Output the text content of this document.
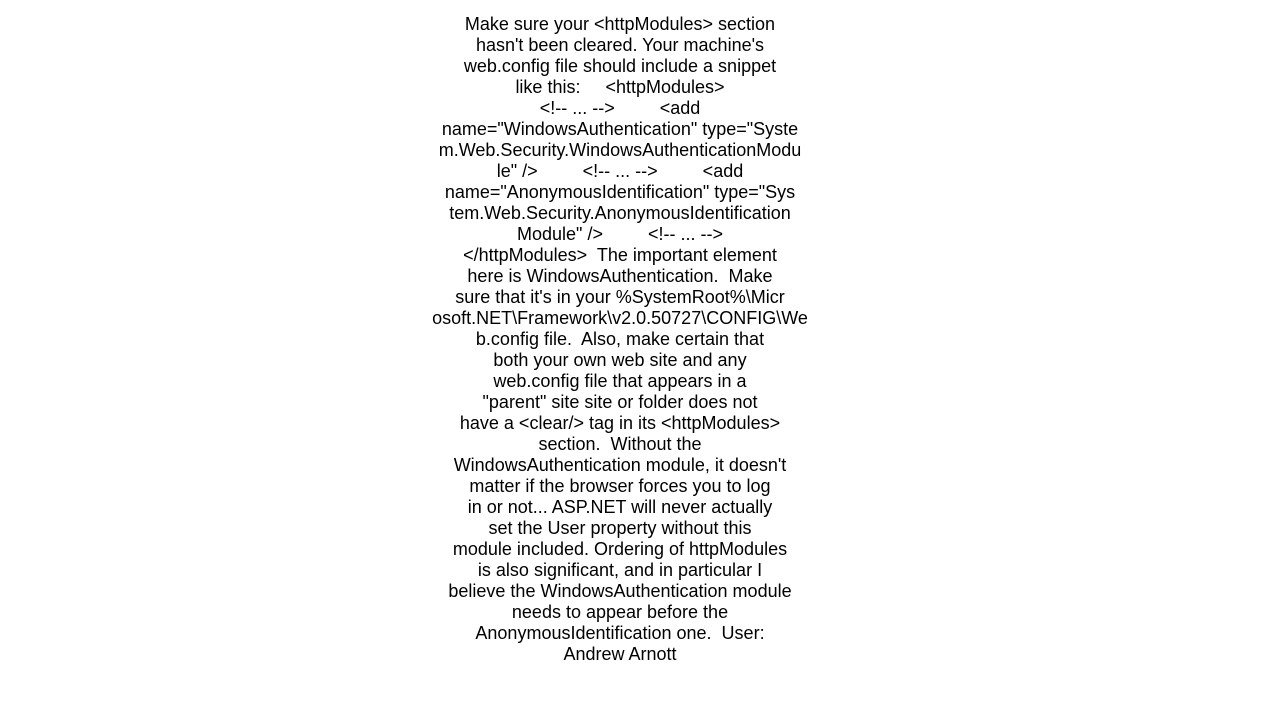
Make sure your <httpModules> section
hasn't been cleared. Your machine's
web.config file should include a snippet
like this:     <httpModules>
<!-- ... -->         <add
name="WindowsAuthentication" type="Syste
m.Web.Security.WindowsAuthenticationModu
le" />         <!-- ... -->         <add
name="AnonymousIdentification" type="Sys
tem.Web.Security.AnonymousIdentification
Module" />         <!-- ... -->
</httpModules>  The important element
here is WindowsAuthentication.  Make
sure that it's in your %SystemRoot%\Micr
osoft.NET\Framework\v2.0.50727\CONFIG\We
b.config file.  Also, make certain that
both your own web site and any
web.config file that appears in a
"parent" site site or folder does not
have a <clear/> tag in its <httpModules>
section.  Without the
WindowsAuthentication module, it doesn't
matter if the browser forces you to log
in or not... ASP.NET will never actually
set the User property without this
module included. Ordering of httpModules
is also significant, and in particular I
believe the WindowsAuthentication module
needs to appear before the
AnonymousIdentification one.  User:
Andrew Arnott
